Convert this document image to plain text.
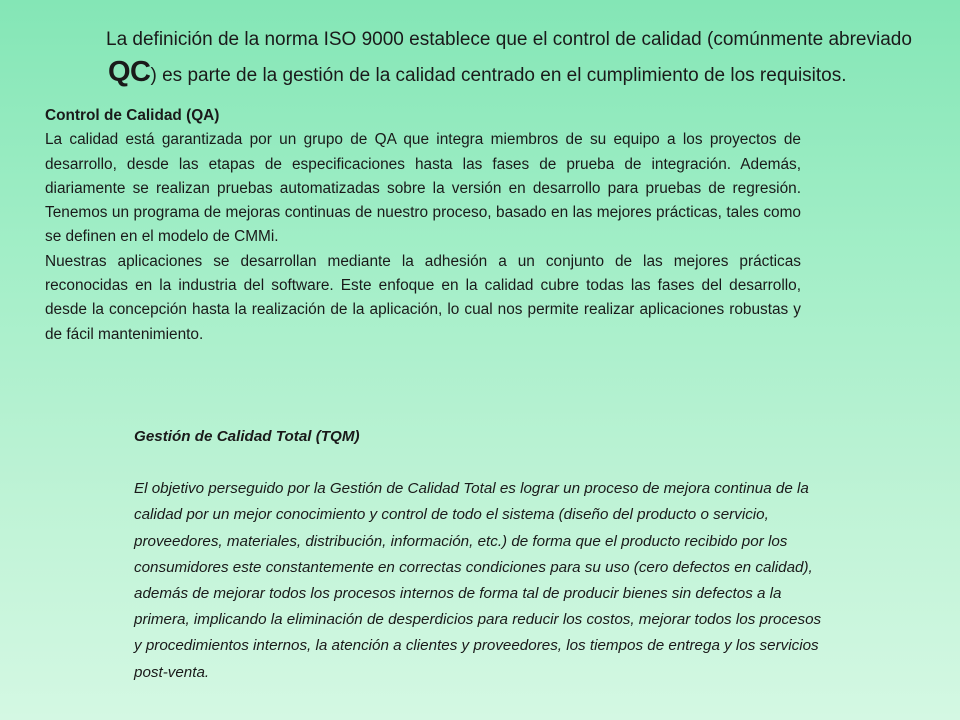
La definición de la norma ISO 9000 establece que el control de calidad (comúnmente abreviado
QC) es parte de la gestión de la calidad centrado en el cumplimiento de los requisitos.
Control de Calidad (QA)

La calidad está garantizada por un grupo de QA que integra miembros de su equipo a los proyectos de desarrollo, desde las etapas de especificaciones hasta las fases de prueba de integración. Además, diariamente se realizan pruebas automatizadas sobre la versión en desarrollo para pruebas de regresión.

Tenemos un programa de mejoras continuas de nuestro proceso, basado en las mejores prácticas, tales como se definen en el modelo de CMMi.

Nuestras aplicaciones se desarrollan mediante la adhesión a un conjunto de las mejores prácticas reconocidas en la industria del software. Este enfoque en la calidad cubre todas las fases del desarrollo, desde la concepción hasta la realización de la aplicación, lo cual nos permite realizar aplicaciones robustas y de fácil mantenimiento.

Gestión de Calidad Total (TQM)

El objetivo perseguido por la Gestión de Calidad Total es lograr un proceso de mejora continua de la
calidad por un mejor conocimiento y control de todo el sistema (diseño del producto o servicio,
proveedores, materiales, distribución, información, etc.) de forma que el producto recibido por los
consumidores este constantemente en correctas condiciones para su uso (cero defectos en calidad),
además de mejorar todos los procesos internos de forma tal de producir bienes sin defectos a la
primera, implicando la eliminación de desperdicios para reducir los costos, mejorar todos los procesos
y procedimientos internos, la atención a clientes y proveedores, los tiempos de entrega y los servicios
post-venta.
